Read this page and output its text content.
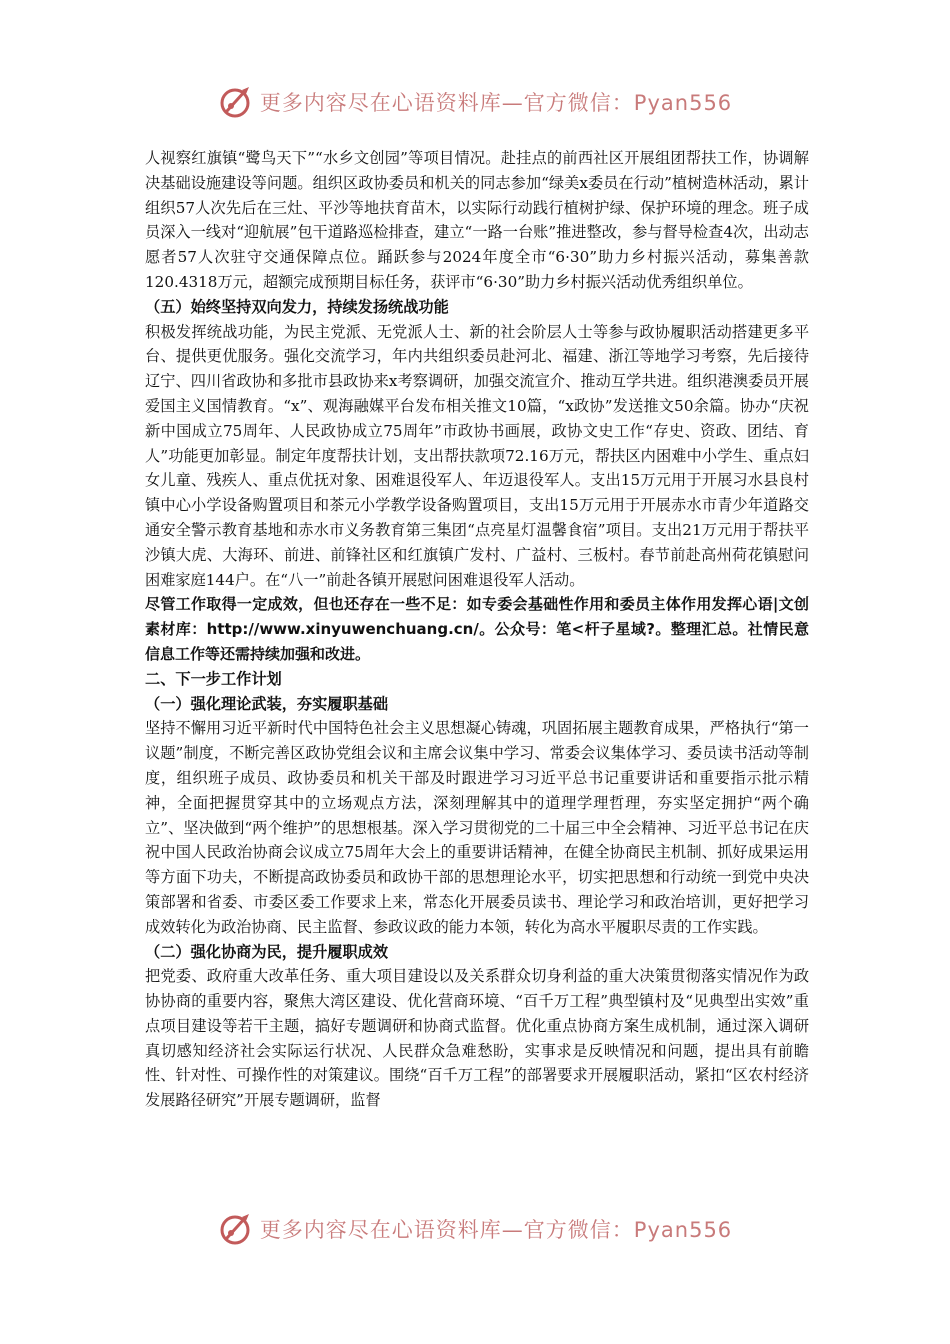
更多内容尽在心语资料库—官方微信：Pyan556

人视察红旗镇“鹭鸟天下”“水乡文创园”等项目情况。赴挂点的前西社区开展组团帮扶工作，协调解决基础设施建设等问题。组织区政协委员和机关的同志参加“绿美x委员在行动”植树造林活动，累计组织57人次先后在三灶、平沙等地扶育苗木，以实际行动践行植树护绿、保护环境的理念。班子成员深入一线对“迎航展”包干道路巡检排查，建立“一路一台账”推进整改，参与督导检查4次，出动志愿者57人次驻守交通保障点位。踊跃参与2024年度全市“6·30”助力乡村振兴活动，募集善款120.4318万元，超额完成预期目标任务，获评市“6·30”助力乡村振兴活动优秀组织单位。

（五）始终坚持双向发力，持续发扬统战功能

积极发挥统战功能，为民主党派、无党派人士、新的社会阶层人士等参与政协履职活动搭建更多平台、提供更优服务。强化交流学习，年内共组织委员赴河北、福建、浙江等地学习考察，先后接待辽宁、四川省政协和多批市县政协来x考察调研，加强交流宣介、推动互学共进。组织港澳委员开展爱国主义国情教育。“x”、观海融媒平台发布相关推文10篇，“x政协”发送推文50余篇。协办“庆祝新中国成立75周年、人民政协成立75周年”市政协书画展，政协文史工作“存史、资政、团结、育人”功能更加彰显。制定年度帮扶计划，支出帮扶款项72.16万元，帮扶区内困难中小学生、重点妇女儿童、残疾人、重点优抚对象、困难退役军人、年迈退役军人。支出15万元用于开展习水县良村镇中心小学设备购置项目和茶元小学教学设备购置项目，支出15万元用于开展赤水市青少年道路交通安全警示教育基地和赤水市义务教育第三集团“点亮星灯温馨食宿”项目。支出21万元用于帮扶平沙镇大虎、大海环、前进、前锋社区和红旗镇广发村、广益村、三板村。春节前赴高州荷花镇慰问困难家庭144户。在“八一”前赴各镇开展慰问困难退役军人活动。

尽管工作取得一定成效，但也还存在一些不足：如专委会基础性作用和委员主体作用发挥心语|文创素材库：http://www.xinyuwenchuang.cn/。公众号：笔<杆子星域?。整理汇总。社情民意信息工作等还需持续加强和改进。

二、下一步工作计划

（一）强化理论武装，夯实履职基础

坚持不懈用习近平新时代中国特色社会主义思想凝心铸魂，巩固拓展主题教育成果，严格执行“第一议题”制度，不断完善区政协党组会议和主席会议集中学习、常委会议集体学习、委员读书活动等制度，组织班子成员、政协委员和机关干部及时跟进学习习近平总书记重要讲话和重要指示批示精神，全面把握贯穿其中的立场观点方法，深刻理解其中的道理学理哲理，夯实坚定拥护“两个确立”、坚决做到“两个维护”的思想根基。深入学习贯彻党的二十届三中全会精神、习近平总书记在庆祝中国人民政治协商会议成立75周年大会上的重要讲话精神，在健全协商民主机制、抓好成果运用等方面下功夫，不断提高政协委员和政协干部的思想理论水平，切实把思想和行动统一到党中央决策部署和省委、市委区委工作要求上来，常态化开展委员读书、理论学习和政治培训，更好把学习成效转化为政治协商、民主监督、参政议政的能力本领，转化为高水平履职尽责的工作实践。

（二）强化协商为民，提升履职成效

把党委、政府重大改革任务、重大项目建设以及关系群众切身利益的重大决策贯彻落实情况作为政协协商的重要内容，聚焦大湾区建设、优化营商环境、“百千万工程”典型镇村及“见典型出实效”重点项目建设等若干主题，搞好专题调研和协商式监督。优化重点协商方案生成机制，通过深入调研真切感知经济社会实际运行状况、人民群众急难愁盼，实事求是反映情况和问题，提出具有前瞻性、针对性、可操作性的对策建议。围绕“百千万工程”的部署要求开展履职活动，紧扣“区农村经济发展路径研究”开展专题调研，监督

更多内容尽在心语资料库—官方微信：Pyan556
